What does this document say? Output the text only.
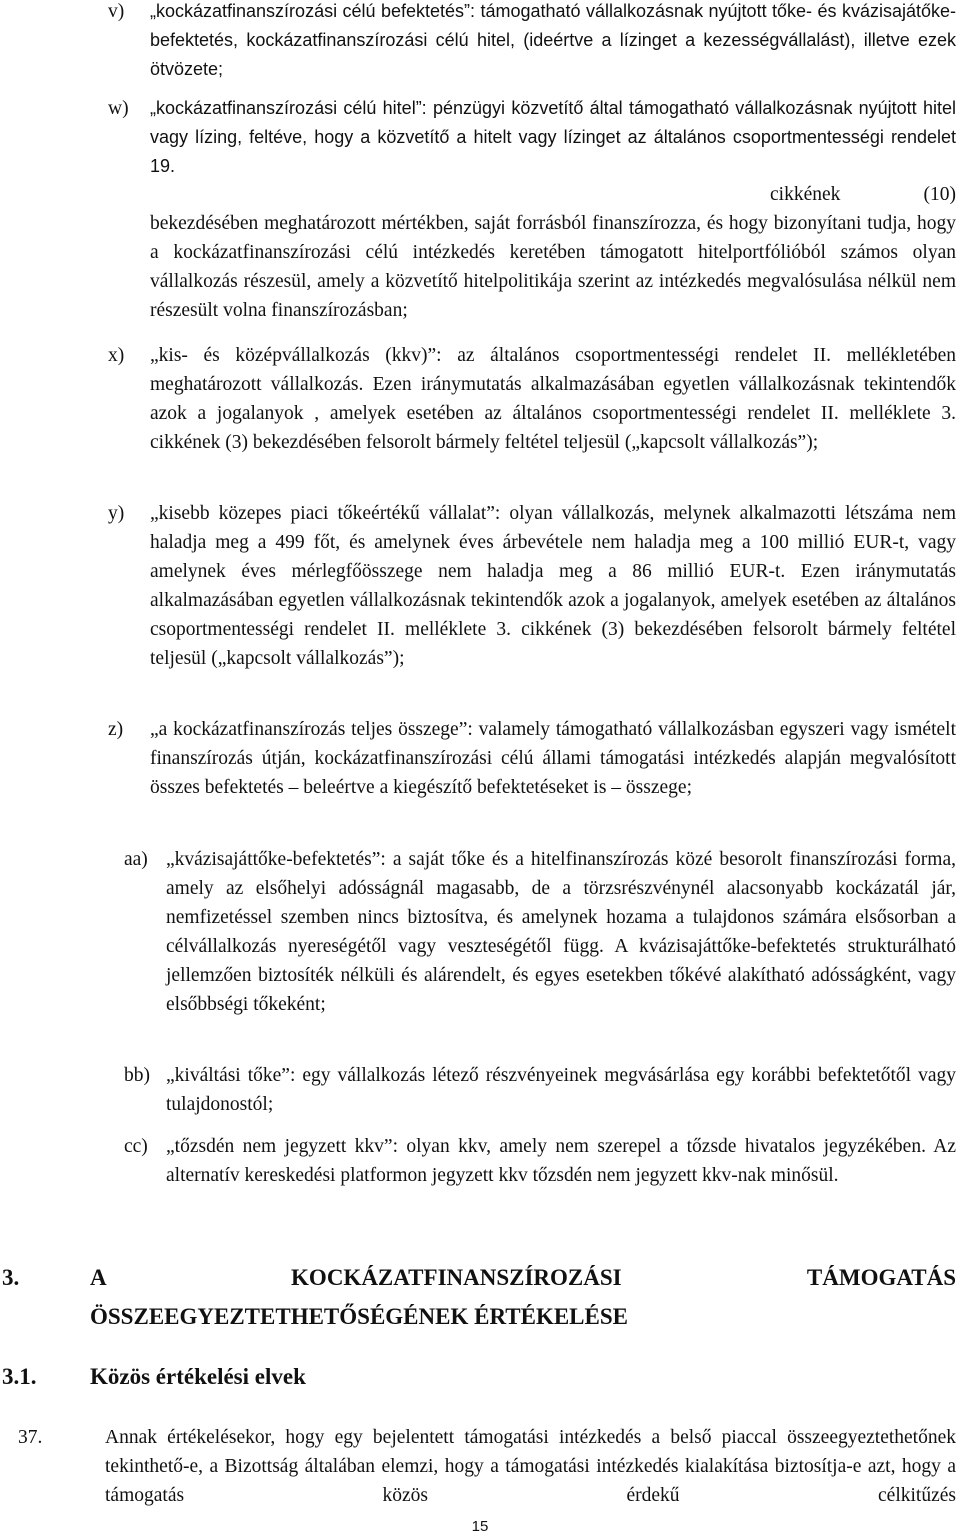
v) „kockázatfinanszírozási célú befektetés”: támogatható vállalkozásnak nyújtott tőke- és kvázisajátőke-befektetés, kockázatfinanszírozási célú hitel, (ideértve a lízinget a kezességvállalást), illetve ezek ötvözete;
w) „kockázatfinanszírozási célú hitel”: pénzügyi közvetítő által támogatható vállalkozásnak nyújtott hitel vagy lízing, feltéve, hogy a közvetítő a hitelt vagy lízinget az általános csoportmentességi rendelet 19.
cikkének (10) bekezdésében meghatározott mértékben, saját forrásból finanszírozza, és hogy bizonyítani tudja, hogy a kockázatfinanszírozási célú intézkedés keretében támogatott hitelportfólióból számos olyan vállalkozás részesül, amely a közvetítő hitelpolitikája szerint az intézkedés megvalósulása nélkül nem részesült volna finanszírozásban;
x) „kis- és középvállalkozás (kkv)”: az általános csoportmentességi rendelet II. mellékletében meghatározott vállalkozás. Ezen iránymutatás alkalmazásában egyetlen vállalkozásnak tekintendők azok a jogalanyok , amelyek esetében az általános csoportmentességi rendelet II. melléklete 3. cikkének (3) bekezdésében felsorolt bármely feltétel teljesül („kapcsolt vállalkozás”);
y) „kisebb közepes piaci tőkeértékű vállalat”: olyan vállalkozás, melynek alkalmazotti létszáma nem haladja meg a 499 főt, és amelynek éves árbevétele nem haladja meg a 100 millió EUR-t, vagy amelynek éves mérlegfőösszege nem haladja meg a 86 millió EUR-t. Ezen iránymutatás alkalmazásában egyetlen vállalkozásnak tekintendők azok a jogalanyok, amelyek esetében az általános csoportmentességi rendelet II. melléklete 3. cikkének (3) bekezdésében felsorolt bármely feltétel teljesül („kapcsolt vállalkozás”);
z) „a kockázatfinanszírozás teljes összege”: valamely támogatható vállalkozásban egyszeri vagy ismételt finanszírozás útján, kockázatfinanszírozási célú állami támogatási intézkedés alapján megvalósított összes befektetés – beleértve a kiegészítő befektetéseket is – összege;
aa) „kvázisajáttőke-befektetés”: a saját tőke és a hitelfinanszírozás közé besorolt finanszírozási forma, amely az elsőhelyi adósságnál magasabb, de a törzsrészvénynél alacsonyabb kockázatál jár, nemfizetéssel szemben nincs biztosítva, és amelynek hozama a tulajdonos számára elsősorban a célvállalkozás nyereségétől vagy veszteségétől függ. A kvázisajáttőke-befektetés strukturálható jellemzően biztosíték nélküli és alárendelt, és egyes esetekben tőkévé alakítható adósságként, vagy elsőbbségi tőkeként;
bb) „kiváltási tőke”: egy vállalkozás létező részvényeinek megvásárlása egy korábbi befektetőtől vagy tulajdonostól;
cc) „tőzsdén nem jegyzett kkv”: olyan kkv, amely nem szerepel a tőzsde hivatalos jegyzékében. Az alternatív kereskedési platformon jegyzett kkv tőzsdén nem jegyzett kkv-nak minősül.
3.	A KOCKÁZATFINANSZÍROZÁSI TÁMOGATÁS
ÖSSZEEGYEZTETHETŐSÉGÉNEK ÉRTÉKELÉSE
3.1. Közös értékelési elvek
37.	Annak értékelésekor, hogy egy bejelentett támogatási intézkedés a belső piaccal összeegyeztethetőnek tekinthető-e, a Bizottság általában elemzi, hogy a támogatási intézkedés kialakítása biztosítja-e azt, hogy a támogatás közös érdekű célkitűzés
15
